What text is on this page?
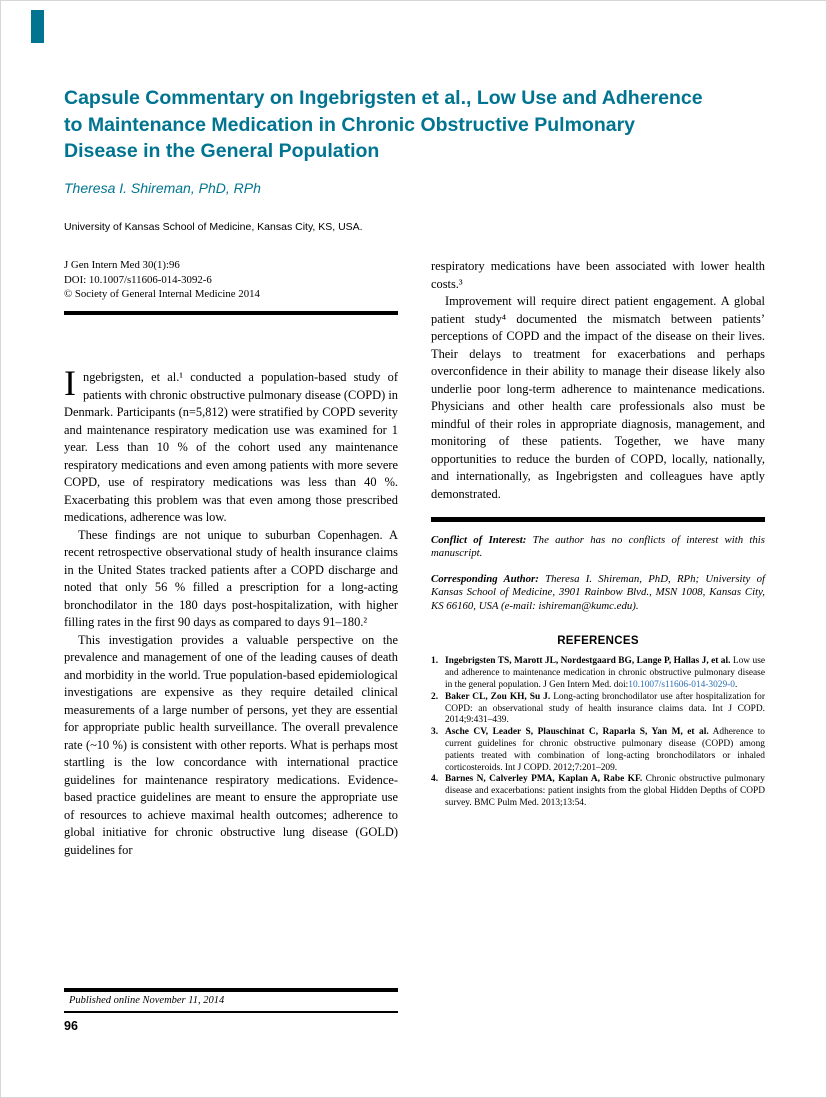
Capsule Commentary on Ingebrigsten et al., Low Use and Adherence
to Maintenance Medication in Chronic Obstructive Pulmonary
Disease in the General Population
Theresa I. Shireman, PhD, RPh
University of Kansas School of Medicine, Kansas City, KS, USA.
J Gen Intern Med 30(1):96
DOI: 10.1007/s11606-014-3092-6
© Society of General Internal Medicine 2014

Ingebrigsten, et al.¹ conducted a population-based study of patients with chronic obstructive pulmonary disease (COPD) in Denmark. Participants (n=5,812) were stratified by COPD severity and maintenance respiratory medication use was examined for 1 year. Less than 10 % of the cohort used any maintenance respiratory medications and even among patients with more severe COPD, use of respiratory medications was less than 40 %. Exacerbating this problem was that even among those prescribed medications, adherence was low.

These findings are not unique to suburban Copenhagen. A recent retrospective observational study of health insurance claims in the United States tracked patients after a COPD discharge and noted that only 56 % filled a prescription for a long-acting bronchodilator in the 180 days post-hospitalization, with higher filling rates in the first 90 days as compared to days 91–180.²

This investigation provides a valuable perspective on the prevalence and management of one of the leading causes of death and morbidity in the world. True population-based epidemiological investigations are expensive as they require detailed clinical measurements of a large number of persons, yet they are essential for appropriate public health surveillance. The overall prevalence rate (~10 %) is consistent with other reports. What is perhaps most startling is the low concordance with international practice guidelines for maintenance respiratory medications. Evidence-based practice guidelines are meant to ensure the appropriate use of resources to achieve maximal health outcomes; adherence to global initiative for chronic obstructive lung disease (GOLD) guidelines for

respiratory medications have been associated with lower health costs.³

Improvement will require direct patient engagement. A global patient study⁴ documented the mismatch between patients’ perceptions of COPD and the impact of the disease on their lives. Their delays to treatment for exacerbations and perhaps overconfidence in their ability to manage their disease likely also underlie poor long-term adherence to maintenance medications. Physicians and other health care professionals also must be mindful of their roles in appropriate diagnosis, management, and monitoring of these patients. Together, we have many opportunities to reduce the burden of COPD, locally, nationally, and internationally, as Ingebrigsten and colleagues have aptly demonstrated.

Conflict of Interest: The author has no conflicts of interest with this manuscript.

Corresponding Author: Theresa I. Shireman, PhD, RPh; University of Kansas School of Medicine, 3901 Rainbow Blvd., MSN 1008, Kansas City, KS 66160, USA (e-mail: ishireman@kumc.edu).

REFERENCES
1. Ingebrigsten TS, Marott JL, Nordestgaard BG, Lange P, Hallas J, et al. Low use and adherence to maintenance medication in chronic obstructive pulmonary disease in the general population. J Gen Intern Med. doi:10.1007/s11606-014-3029-0.
2. Baker CL, Zou KH, Su J. Long-acting bronchodilator use after hospitalization for COPD: an observational study of health insurance claims data. Int J COPD. 2014;9:431–439.
3. Asche CV, Leader S, Plauschinat C, Raparla S, Yan M, et al. Adherence to current guidelines for chronic obstructive pulmonary disease (COPD) among patients treated with combination of long-acting bronchodilators or inhaled corticosteroids. Int J COPD. 2012;7:201–209.
4. Barnes N, Calverley PMA, Kaplan A, Rabe KF. Chronic obstructive pulmonary disease and exacerbations: patient insights from the global Hidden Depths of COPD survey. BMC Pulm Med. 2013;13:54.
Published online November 11, 2014
96
